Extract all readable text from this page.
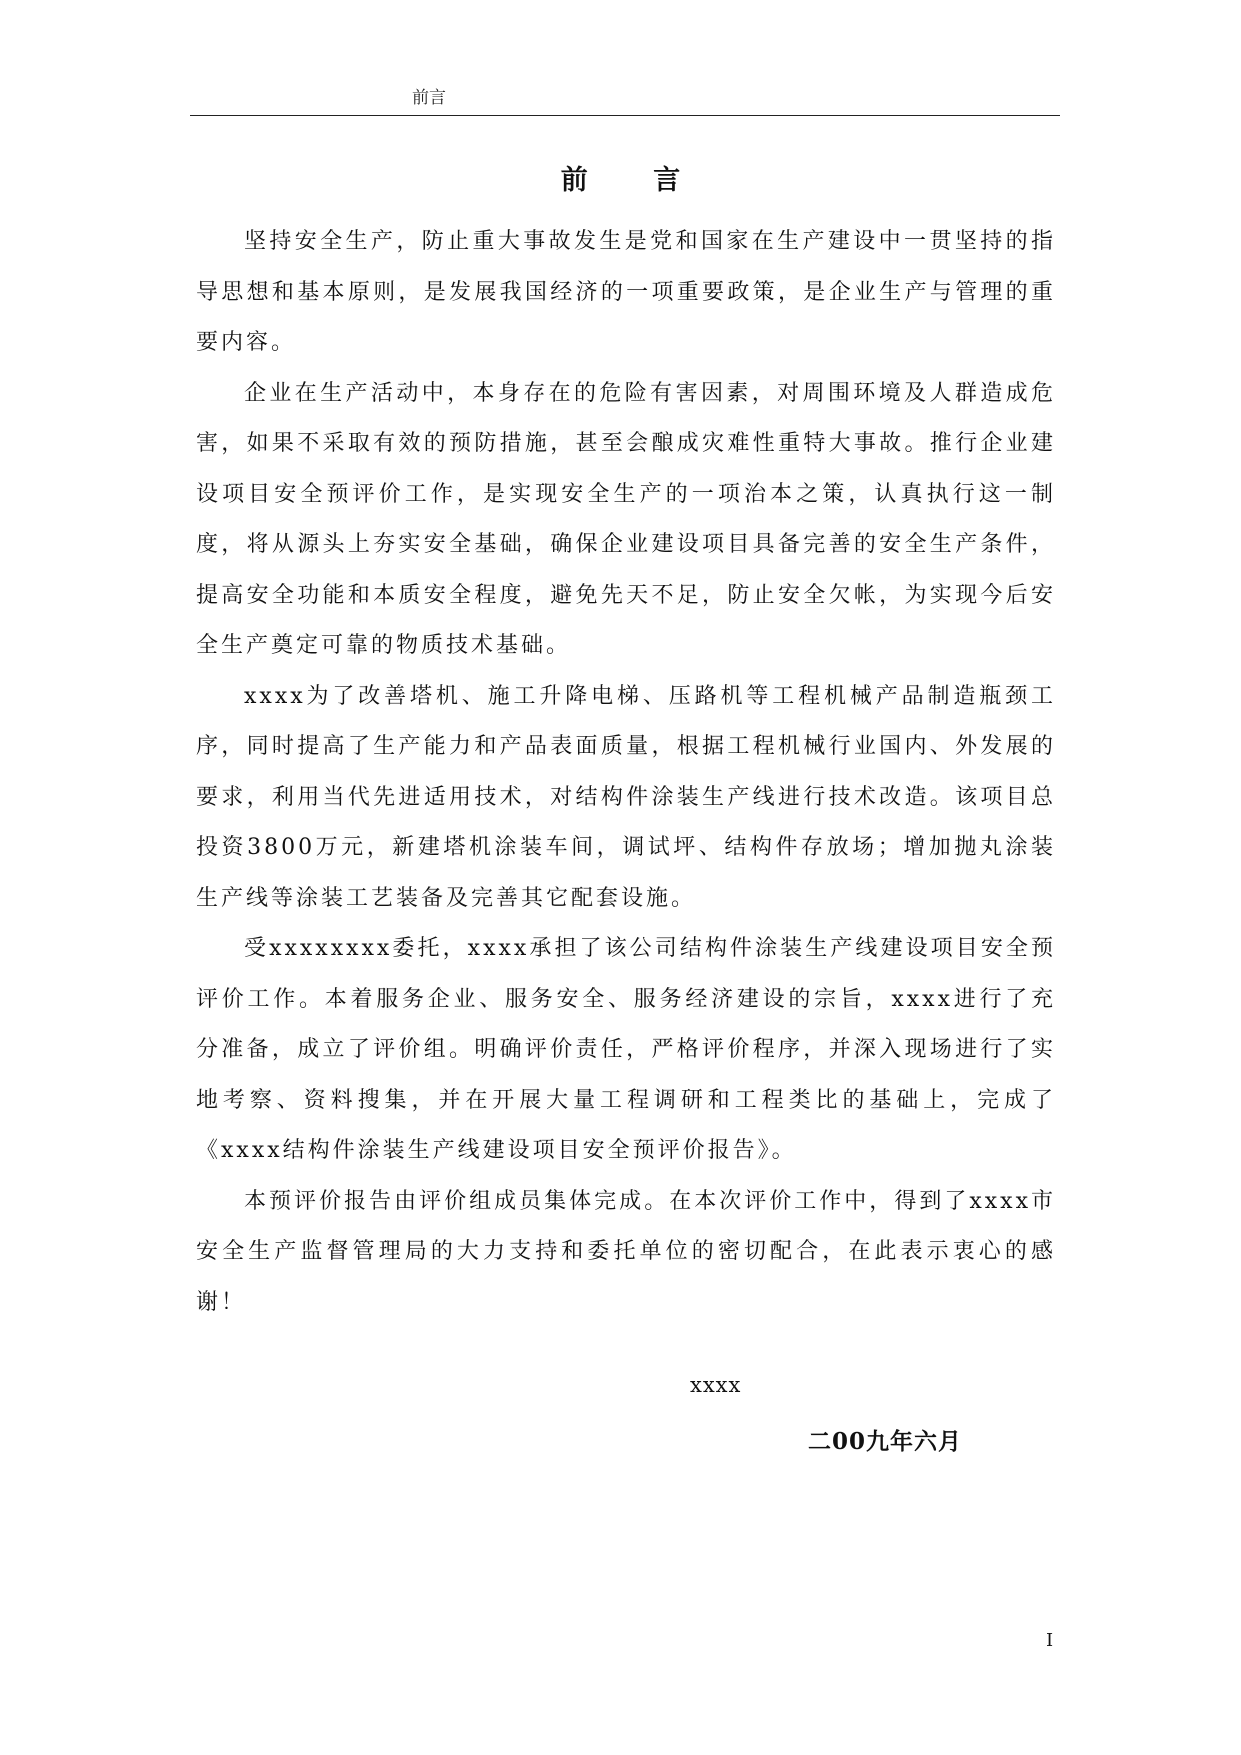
前言
前 言

坚持安全生产，防止重大事故发生是党和国家在生产建设中一贯坚持的指导思想和基本原则，是发展我国经济的一项重要政策，是企业生产与管理的重要内容。

企业在生产活动中，本身存在的危险有害因素，对周围环境及人群造成危害，如果不采取有效的预防措施，甚至会酿成灾难性重特大事故。推行企业建设项目安全预评价工作，是实现安全生产的一项治本之策，认真执行这一制度，将从源头上夯实安全基础，确保企业建设项目具备完善的安全生产条件，提高安全功能和本质安全程度，避免先天不足，防止安全欠帐，为实现今后安全生产奠定可靠的物质技术基础。

xxxx为了改善塔机、施工升降电梯、压路机等工程机械产品制造瓶颈工序，同时提高了生产能力和产品表面质量，根据工程机械行业国内、外发展的要求，利用当代先进适用技术，对结构件涂装生产线进行技术改造。该项目总投资3800万元，新建塔机涂装车间，调试坪、结构件存放场；增加抛丸涂装生产线等涂装工艺装备及完善其它配套设施。

受xxxxxxxx委托，xxxx承担了该公司结构件涂装生产线建设项目安全预评价工作。本着服务企业、服务安全、服务经济建设的宗旨，xxxx进行了充分准备，成立了评价组。明确评价责任，严格评价程序，并深入现场进行了实地考察、资料搜集，并在开展大量工程调研和工程类比的基础上，完成了《xxxx结构件涂装生产线建设项目安全预评价报告》。

本预评价报告由评价组成员集体完成。在本次评价工作中，得到了xxxx市安全生产监督管理局的大力支持和委托单位的密切配合，在此表示衷心的感谢！

xxxx
二00九年六月
I
